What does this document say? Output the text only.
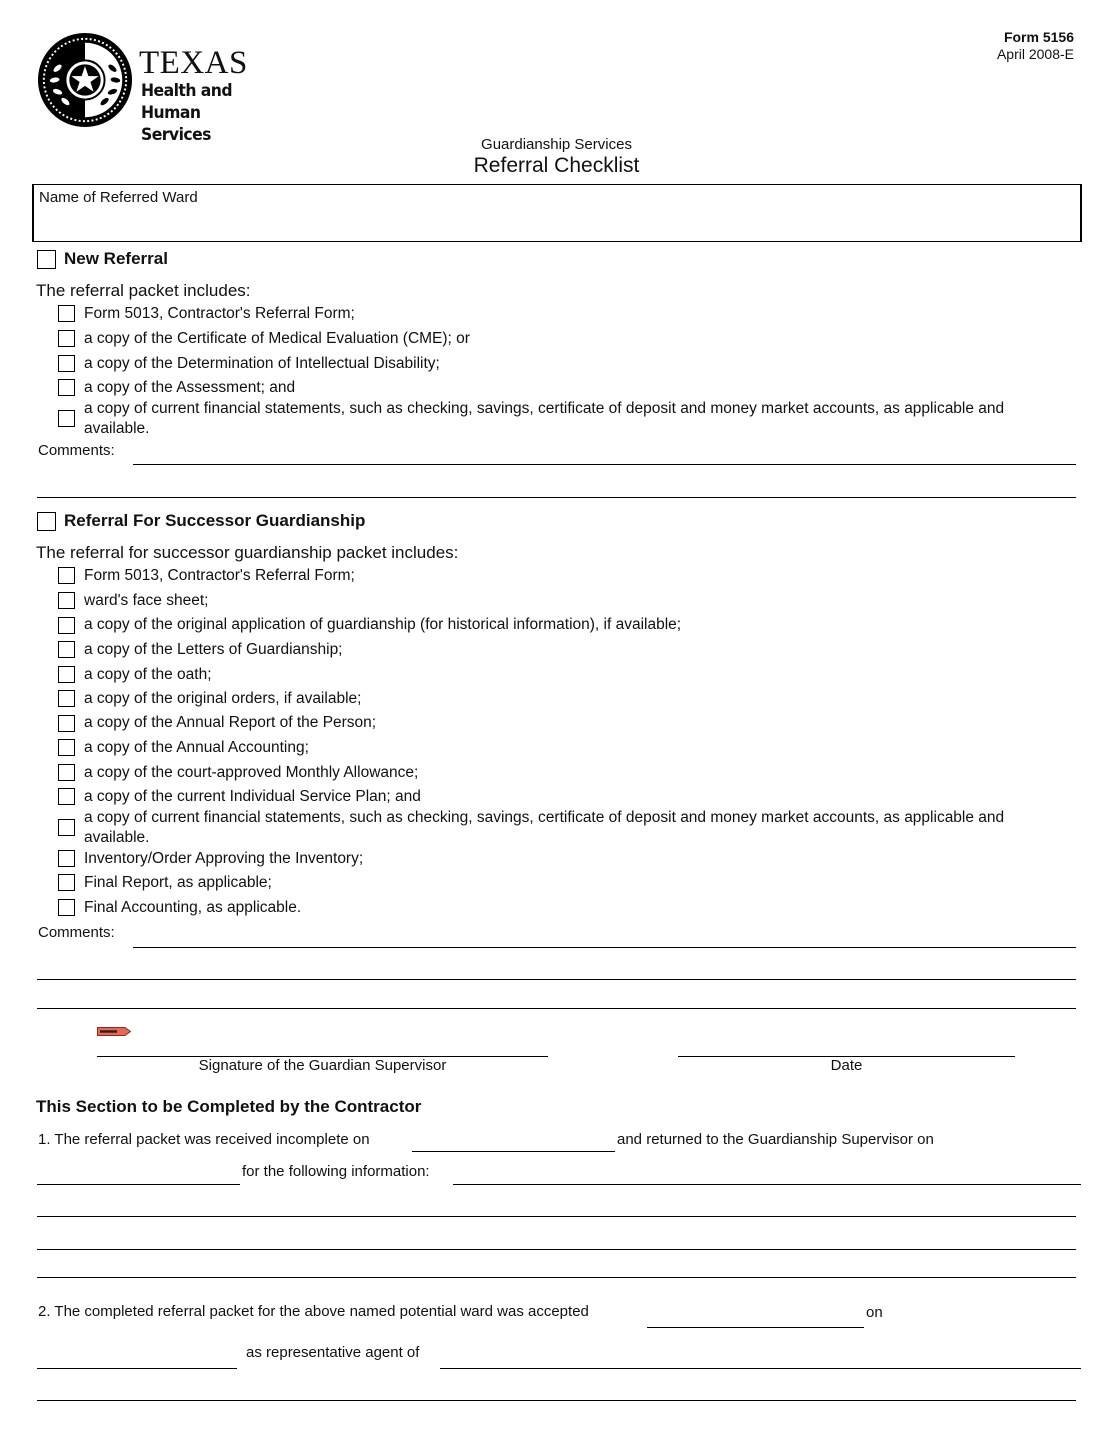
TEXAS
Health and Human
Services
Form 5156
April 2008-E
Guardianship Services
Referral Checklist
Name of Referred Ward
New Referral
The referral packet includes:
Form 5013, Contractor's Referral Form;
a copy of the Certificate of Medical Evaluation (CME); or
a copy of the Determination of Intellectual Disability;
a copy of the Assessment; and
a copy of current financial statements, such as checking, savings, certificate of deposit and money market accounts, as applicable and
available.
Comments:
Referral For Successor Guardianship
The referral for successor guardianship packet includes:
Form 5013, Contractor's Referral Form;
ward's face sheet;
a copy of the original application of guardianship (for historical information), if available;
a copy of the Letters of Guardianship;
a copy of the oath;
a copy of the original orders, if available;
a copy of the Annual Report of the Person;
a copy of the Annual Accounting;
a copy of the court-approved Monthly Allowance;
a copy of the current Individual Service Plan; and
a copy of current financial statements, such as checking, savings, certificate of deposit and money market accounts, as applicable and
available.
Inventory/Order Approving the Inventory;
Final Report, as applicable;
Final Accounting, as applicable.
Comments:
Signature of the Guardian Supervisor	Date
This Section to be Completed by the Contractor
1. The referral packet was received incomplete on	and returned to the Guardianship Supervisor on
for the following information:
2. The completed referral packet for the above named potential ward was accepted	on
as representative agent of
